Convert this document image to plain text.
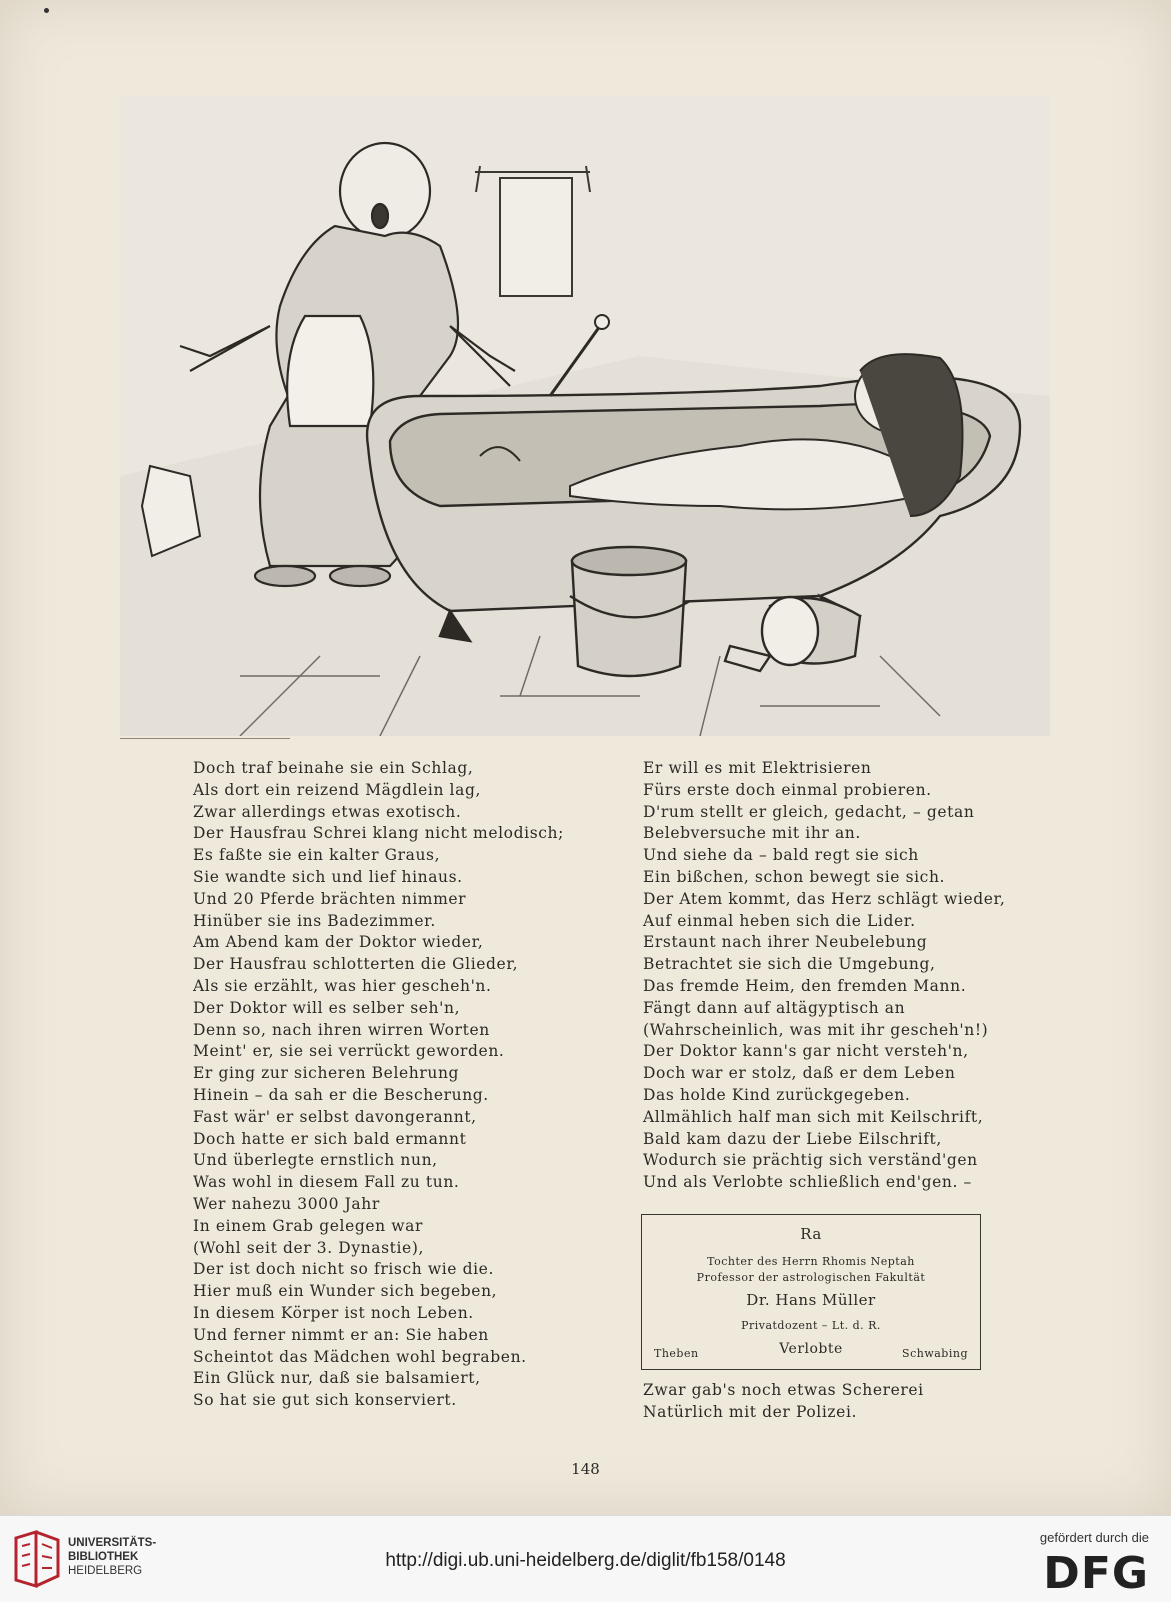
Doch traf beinahe sie ein Schlag,
Als dort ein reizend Mägdlein lag,
Zwar allerdings etwas exotisch.
Der Hausfrau Schrei klang nicht melodisch;
Es faßte sie ein kalter Graus,
Sie wandte sich und lief hinaus.
Und 20 Pferde brächten nimmer
Hinüber sie ins Badezimmer.
Am Abend kam der Doktor wieder,
Der Hausfrau schlotterten die Glieder,
Als sie erzählt, was hier gescheh'n.
Der Doktor will es selber seh'n,
Denn so, nach ihren wirren Worten
Meint' er, sie sei verrückt geworden.
Er ging zur sicheren Belehrung
Hinein – da sah er die Bescherung.
Fast wär' er selbst davongerannt,
Doch hatte er sich bald ermannt
Und überlegte ernstlich nun,
Was wohl in diesem Fall zu tun.
Wer nahezu 3000 Jahr
In einem Grab gelegen war
(Wohl seit der 3. Dynastie),
Der ist doch nicht so frisch wie die.
Hier muß ein Wunder sich begeben,
In diesem Körper ist noch Leben.
Und ferner nimmt er an: Sie haben
Scheintot das Mädchen wohl begraben.
Ein Glück nur, daß sie balsamiert,
So hat sie gut sich konserviert.
Er will es mit Elektrisieren
Fürs erste doch einmal probieren.
D'rum stellt er gleich, gedacht, – getan
Belebversuche mit ihr an.
Und siehe da – bald regt sie sich
Ein bißchen, schon bewegt sie sich.
Der Atem kommt, das Herz schlägt wieder,
Auf einmal heben sich die Lider.
Erstaunt nach ihrer Neubelebung
Betrachtet sie sich die Umgebung,
Das fremde Heim, den fremden Mann.
Fängt dann auf altägyptisch an
(Wahrscheinlich, was mit ihr gescheh'n!)
Der Doktor kann's gar nicht versteh'n,
Doch war er stolz, daß er dem Leben
Das holde Kind zurückgegeben.
Allmählich half man sich mit Keilschrift,
Bald kam dazu der Liebe Eilschrift,
Wodurch sie prächtig sich verständ'gen
Und als Verlobte schließlich end'gen. –
Ra
Tochter des Herrn Rhomis Neptah
Professor der astrologischen Fakultät
Dr. Hans Müller
Privatdozent – Lt. d. R.
Theben	Verlobte	Schwabing
Zwar gab's noch etwas Schererei
Natürlich mit der Polizei.
148
UNIVERSITÄTS-
BIBLIOTHEK
HEIDELBERG	http://digi.ub.uni-heidelberg.de/diglit/fb158/0148
gefördert durch die
DFG
